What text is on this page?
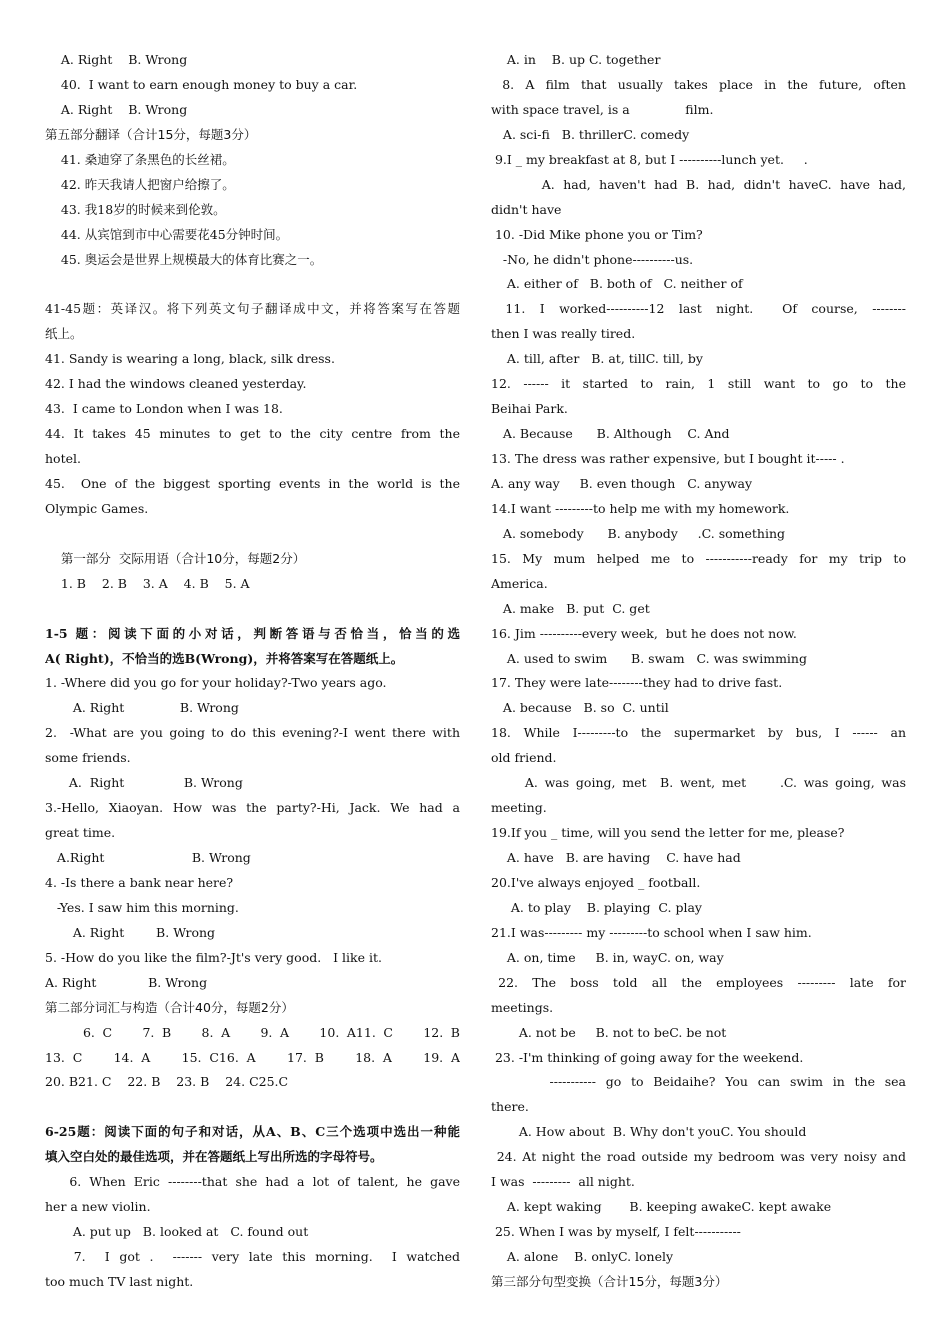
A. Right    B. Wrong
40.  I want to earn enough money to buy a car.
A. Right    B. Wrong
第五部分翻译（合计15分，每题3分）
41. 桑迪穿了条黑色的长丝裙。
42. 昨天我请人把窗户给擦了。
43. 我18岁的时候来到伦敦。
44. 从宾馆到市中心需要花45分钟时间。
45. 奥运会是世界上规模最大的体育比赛之一。
41-45题：英译汉。将下列英文句子翻译成中文，并将答案写在答题
纸上。
41. Sandy is wearing a long, black, silk dress.
42. I had the windows cleaned yesterday.
43.  I came to London when I was 18.
44. It takes 45 minutes to get to the city centre from the
hotel.
45.  One of the biggest sporting events in the world is the
Olympic Games.
第一部分  交际用语（合计10分，每题2分）
1. B    2. B    3. A    4. B    5. A
1-5 题：阅读下面的小对话，判断答语与否恰当，恰当的选
A( Right)，不恰当的选B(Wrong)，并将答案写在答题纸上。
1. -Where did you go for your holiday?-Two years ago.
A. Right              B. Wrong
2.  -What are you going to do this evening?-I went there with
some friends.
A.  Right               B. Wrong
3.-Hello,  Xiaoyan.  How  was  the  party?-Hi,  Jack.  We  had  a
great time.
A.Right                      B. Wrong
4. -Is there a bank near here?
-Yes. I saw him this morning.
A. Right        B. Wrong
5. -How do you like the film?-Jt's very good.   I like it.
A. Right             B. Wrong
第二部分词汇与构造（合计40分，每题2分）
6. C    7. B    8. A    9. A    10. A11. C    12. B
13. C    14. A    15. C16. A    17. B    18. A    19. A
20. B21. C    22. B    23. B    24. C25.C
6-25题：阅读下面的句子和对话，从A、B、C三个选项中选出一种能
填入空白处的最佳选项，并在答题纸上写出所选的字母符号。
6. When Eric --------that she had a lot of talent, he gave
her a new violin.
A. put up   B. looked at   C. found out
7.  I got .  ------- very late this morning.  I watched
too much TV last night.
A. in    B. up C. together
8. A film that usually takes place in the future, often
with space travel, is a              film.
A. sci-fi   B. thrillerC. comedy
9.I _ my breakfast at 8, but I ----------lunch yet.     .
A. had, haven't had B. had, didn't haveC. have had,
didn't have
10. -Did Mike phone you or Tim?
-No, he didn't phone----------us.
A. either of   B. both of   C. neither of
11. I worked----------12 last night.  Of course, --------
then I was really tired.
A. till, after   B. at, tillC. till, by
12. ------ it started to rain, 1 still want to go to the
Beihai Park.
A. Because      B. Although    C. And
13. The dress was rather expensive, but I bought it----- .
A. any way     B. even though   C. anyway
14.I want ---------to help me with my homework.
A. somebody      B. anybody     .C. something
15. My mum helped me to -----------ready for my trip to
America.
A. make   B. put  C. get
16. Jim ----------every week,  but he does not now.
A. used to swim      B. swam   C. was swimming
17. They were late--------they had to drive fast.
A. because   B. so  C. until
18. While I---------to the supermarket by bus, I ------ an
old friend.
A. was going, met  B. went, met     .C. was going, was
meeting.
19.If you _ time, will you send the letter for me, please?
A. have   B. are having    C. have had
20.I've always enjoyed _ football.
A. to play    B. playing  C. play
21.I was--------- my ---------to school when I saw him.
A. on, time     B. in, wayC. on, way
22.  The  boss  told  all  the  employees  ---------  late  for
meetings.
A. not be     B. not to beC. be not
23. -I'm thinking of going away for the weekend.
----------- go to Beidaihe? You can swim in the sea
there.
A. How about  B. Why don't youC. You should
24. At night the road outside my bedroom was very noisy and
I was  ---------  all night.
A. kept waking       B. keeping awakeC. kept awake
25. When I was by myself, I felt-----------
A. alone    B. onlyC. lonely
第三部分句型变换（合计15分，每题3分）
